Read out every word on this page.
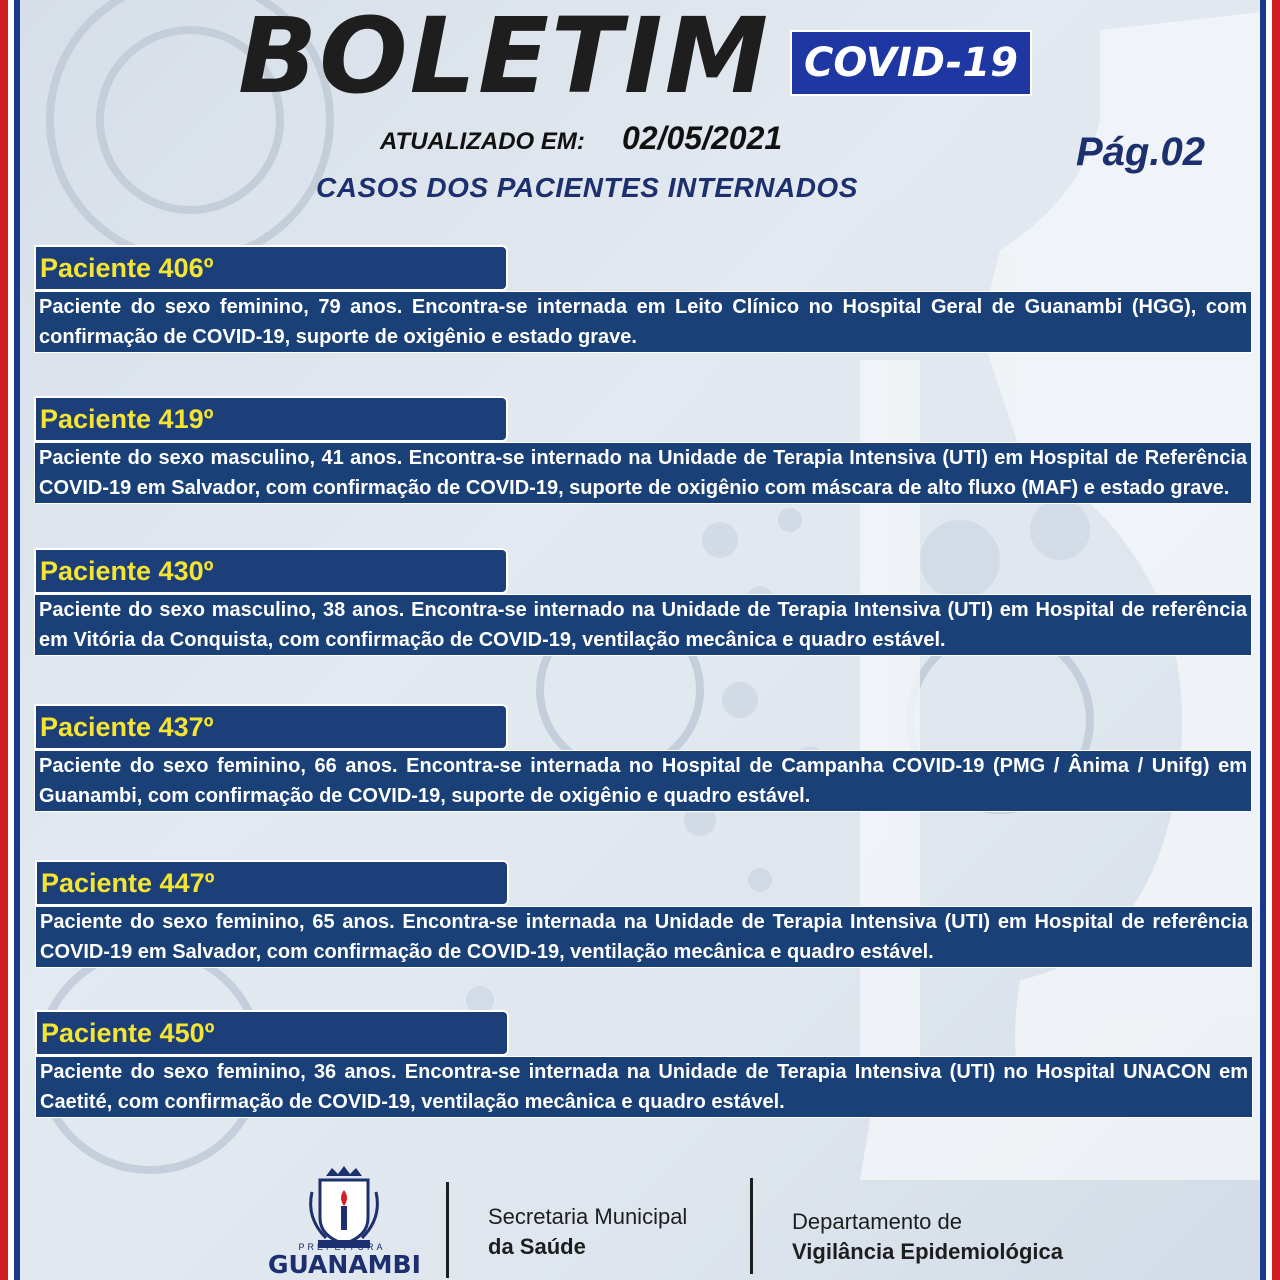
BOLETIM COVID-19
ATUALIZADO EM: 02/05/2021	Pág.02
CASOS DOS PACIENTES INTERNADOS
Paciente 406º
Paciente do sexo feminino, 79 anos. Encontra-se internada em Leito Clínico no Hospital Geral de Guanambi (HGG), com confirmação de COVID-19, suporte de oxigênio e estado grave.
Paciente 419º
Paciente do sexo masculino, 41 anos. Encontra-se internado na Unidade de Terapia Intensiva (UTI) em Hospital de Referência COVID-19 em Salvador, com confirmação de COVID-19, suporte de oxigênio com máscara de alto fluxo (MAF) e estado grave.
Paciente 430º
Paciente do sexo masculino, 38 anos. Encontra-se internado na Unidade de Terapia Intensiva (UTI) em Hospital de referência em Vitória da Conquista, com confirmação de COVID-19, ventilação mecânica e quadro estável.
Paciente 437º
Paciente do sexo feminino, 66 anos. Encontra-se internada no Hospital de Campanha COVID-19 (PMG / Ânima / Unifg) em Guanambi, com confirmação de COVID-19, suporte de oxigênio e quadro estável.
Paciente 447º
Paciente do sexo feminino, 65 anos. Encontra-se internada na Unidade de Terapia Intensiva (UTI) em Hospital de referência COVID-19 em Salvador, com confirmação de COVID-19, ventilação mecânica e quadro estável.
Paciente 450º
Paciente do sexo feminino, 36 anos. Encontra-se internada na Unidade de Terapia Intensiva (UTI) no Hospital UNACON em Caetité, com confirmação de COVID-19, ventilação mecânica e quadro estável.
PREFEITURA
GUANAMBI
Secretaria Municipal
da Saúde
Departamento de
Vigilância Epidemiológica
